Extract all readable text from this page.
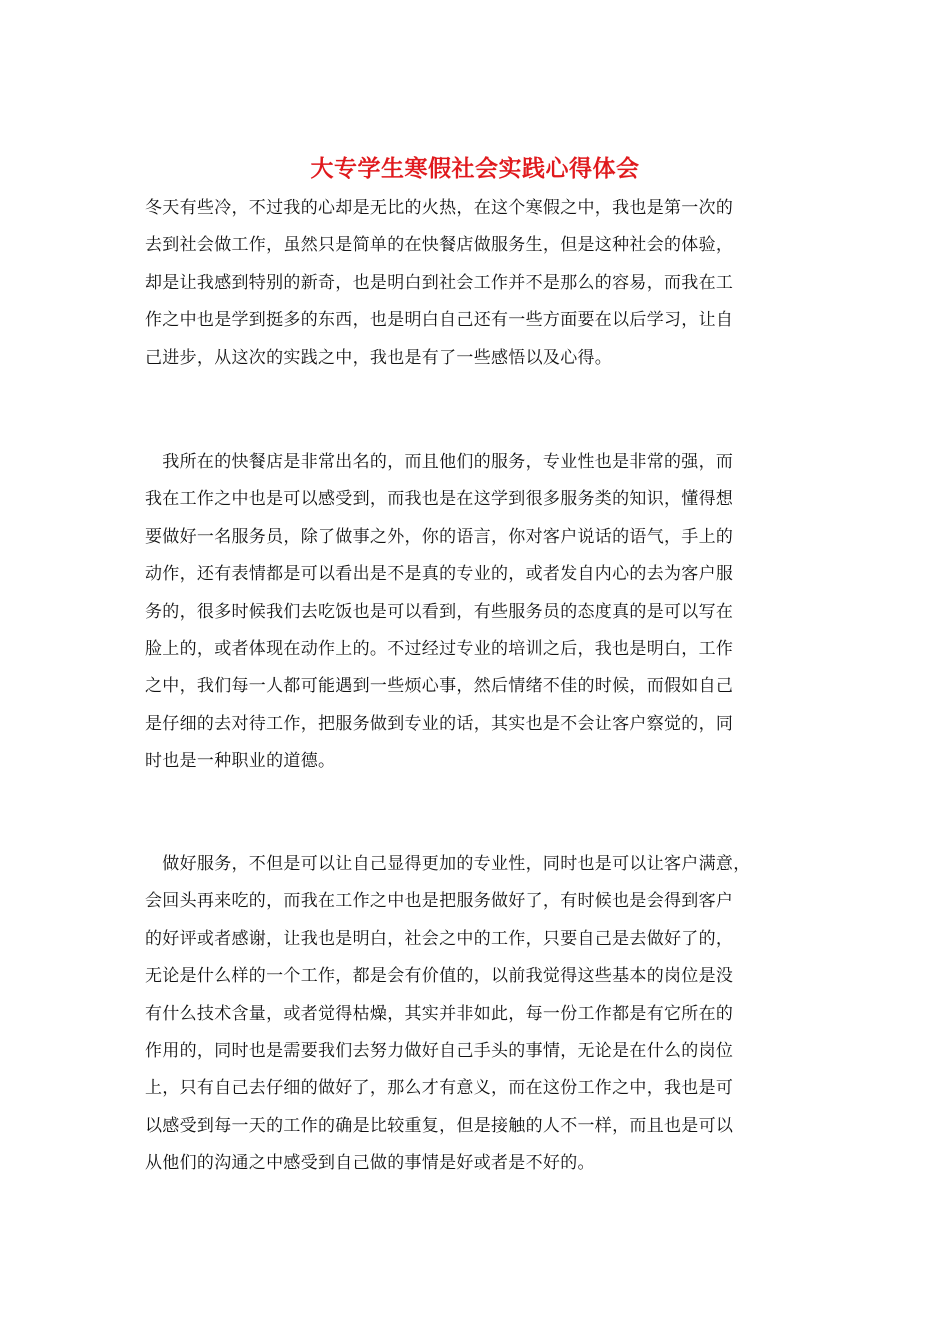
大专学生寒假社会实践心得体会
冬天有些冷，不过我的心却是无比的火热，在这个寒假之中，我也是第一次的
去到社会做工作，虽然只是简单的在快餐店做服务生，但是这种社会的体验，
却是让我感到特别的新奇，也是明白到社会工作并不是那么的容易，而我在工
作之中也是学到挺多的东西，也是明白自己还有一些方面要在以后学习，让自
己进步，从这次的实践之中，我也是有了一些感悟以及心得。
　我所在的快餐店是非常出名的，而且他们的服务，专业性也是非常的强，而
我在工作之中也是可以感受到，而我也是在这学到很多服务类的知识，懂得想
要做好一名服务员，除了做事之外，你的语言，你对客户说话的语气，手上的
动作，还有表情都是可以看出是不是真的专业的，或者发自内心的去为客户服
务的，很多时候我们去吃饭也是可以看到，有些服务员的态度真的是可以写在
脸上的，或者体现在动作上的。不过经过专业的培训之后，我也是明白，工作
之中，我们每一人都可能遇到一些烦心事，然后情绪不佳的时候，而假如自己
是仔细的去对待工作，把服务做到专业的话，其实也是不会让客户察觉的，同
时也是一种职业的道德。
　做好服务，不但是可以让自己显得更加的专业性，同时也是可以让客户满意，
会回头再来吃的，而我在工作之中也是把服务做好了，有时候也是会得到客户
的好评或者感谢，让我也是明白，社会之中的工作，只要自己是去做好了的，
无论是什么样的一个工作，都是会有价值的，以前我觉得这些基本的岗位是没
有什么技术含量，或者觉得枯燥，其实并非如此，每一份工作都是有它所在的
作用的，同时也是需要我们去努力做好自己手头的事情，无论是在什么的岗位
上，只有自己去仔细的做好了，那么才有意义，而在这份工作之中，我也是可
以感受到每一天的工作的确是比较重复，但是接触的人不一样，而且也是可以
从他们的沟通之中感受到自己做的事情是好或者是不好的。
